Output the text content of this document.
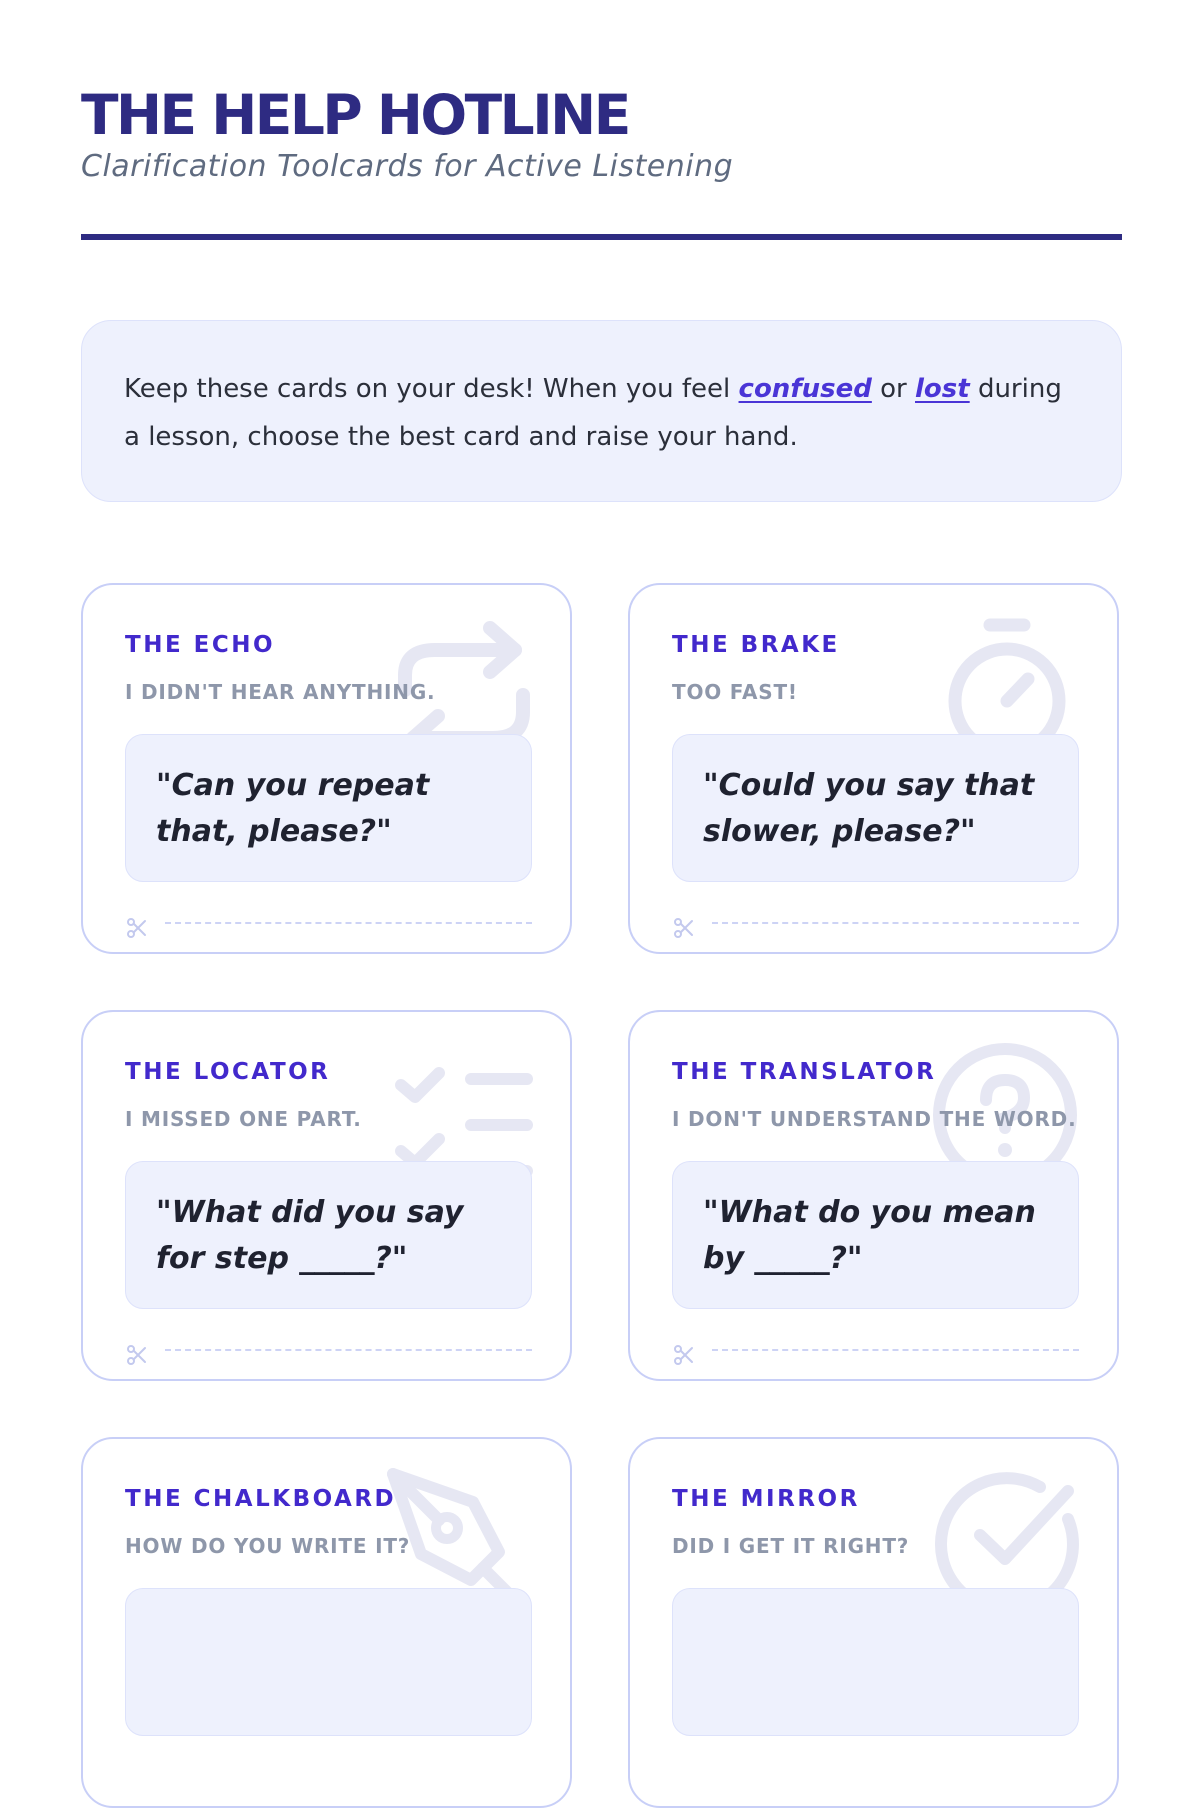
THE HELP HOTLINE
Clarification Toolcards for Active Listening
Keep these cards on your desk! When you feel confused or lost during a lesson, choose the best card and raise your hand.
THE ECHO
I DIDN'T HEAR ANYTHING.
"Can you repeat that, please?"
THE BRAKE
TOO FAST!
"Could you say that slower, please?"
THE LOCATOR
I MISSED ONE PART.
"What did you say for step _____?"
THE TRANSLATOR
I DON'T UNDERSTAND THE WORD.
"What do you mean by _____?"
THE CHALKBOARD
HOW DO YOU WRITE IT?
THE MIRROR
DID I GET IT RIGHT?
